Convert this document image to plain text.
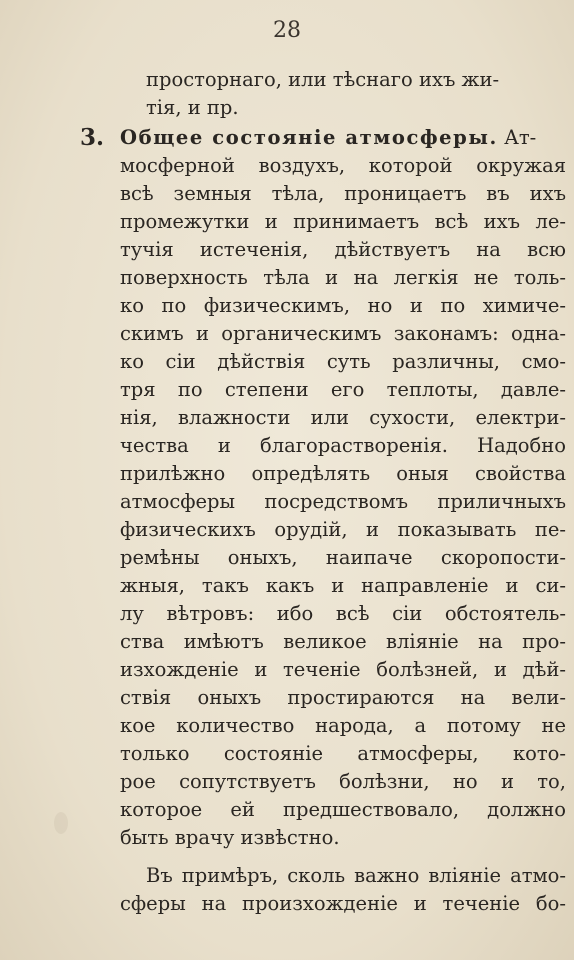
28
просторнаго, или тѣснаго ихъ жи-
тія, и пр.
3. Общее состояніе атмосферы. Ат-
мосферной воздухъ, которой окружая
всѣ земныя тѣла, проницаетъ въ ихъ
промежутки и принимаетъ всѣ ихъ ле-
тучія истеченія, дѣйствуетъ на всю
поверхность тѣла и на легкія не толь-
ко по физическимъ, но и по химиче-
скимъ и органическимъ законамъ: одна-
ко сіи дѣйствія суть различны, смо-
тря по степени его теплоты, давле-
нія, влажности или сухости, електри-
чества и благорастворенія. Надобно
прилѣжно опредѣлять оныя свойства
атмосферы посредствомъ приличныхъ
физическихъ орудій, и показывать пе-
ремѣны оныхъ, наипаче скоропости-
жныя, такъ какъ и направленіе и си-
лу вѣтровъ: ибо всѣ сіи обстоятель-
ства имѣютъ великое вліяніе на про-
изхожденіе и теченіе болѣзней, и дѣй-
ствія оныхъ простираются на вели-
кое количество народа, а потому не
только состояніе атмосферы, кото-
рое сопутствуетъ болѣзни, но и то,
которое ей предшествовало, должно
быть врачу извѣстно.
Въ примѣръ, сколь важно вліяніе атмо-
сферы на произхожденіе и теченіе бо-
